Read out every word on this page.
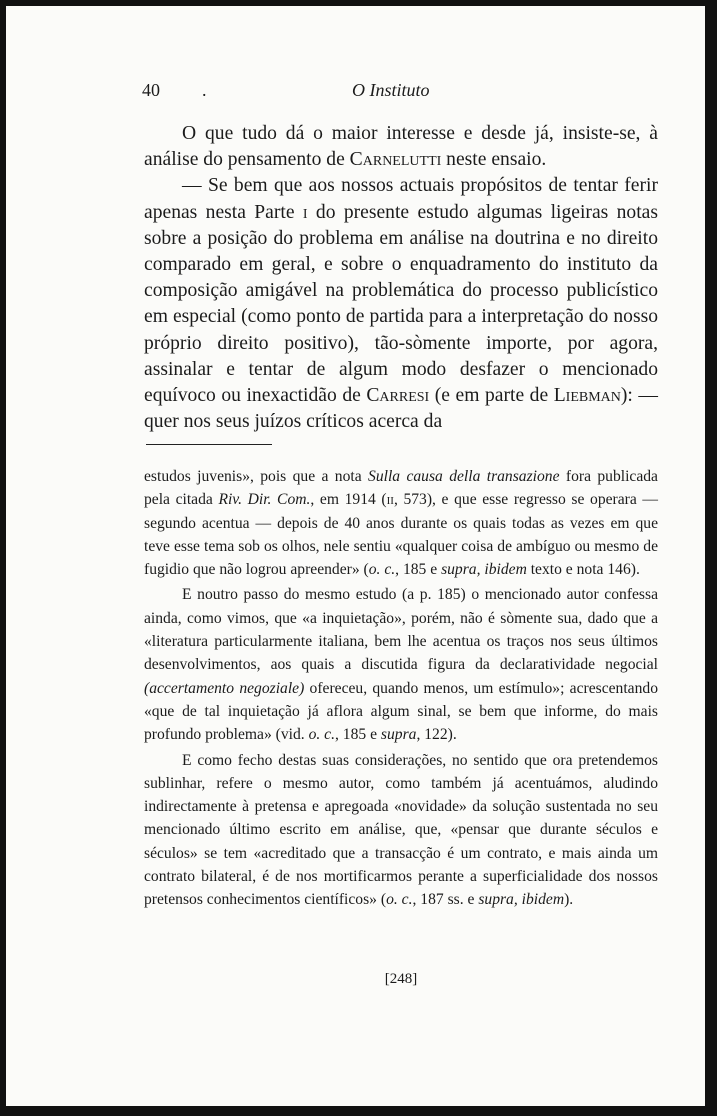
40 .	O Instituto

O que tudo dá o maior interesse e desde já, insiste-se, à análise do pensamento de Carnelutti neste ensaio.

— Se bem que aos nossos actuais propósitos de tentar ferir apenas nesta Parte i do presente estudo algumas ligeiras notas sobre a posição do problema em análise na doutrina e no direito comparado em geral, e sobre o enquadramento do instituto da composição amigável na problemática do processo publicístico em especial (como ponto de partida para a interpretação do nosso próprio direito positivo), tão-sòmente importe, por agora, assinalar e tentar de algum modo desfazer o mencionado equívoco ou inexactidão de Carresi (e em parte de Liebman): — quer nos seus juízos críticos acerca da

estudos juvenis», pois que a nota Sulla causa della transazione fora publicada pela citada Riv. Dir. Com., em 1914 (ii, 573), e que esse regresso se operara — segundo acentua — depois de 40 anos durante os quais todas as vezes em que teve esse tema sob os olhos, nele sentiu «qualquer coisa de ambíguo ou mesmo de fugidio que não logrou apreender» (o. c., 185 e supra, ibidem texto e nota 146).

E noutro passo do mesmo estudo (a p. 185) o mencionado autor confessa ainda, como vimos, que «a inquietação», porém, não é sòmente sua, dado que a «literatura particularmente italiana, bem lhe acentua os traços nos seus últimos desenvolvimentos, aos quais a discutida figura da declaratividade negocial (accertamento negoziale) ofereceu, quando menos, um estímulo»; acrescentando «que de tal inquietação já aflora algum sinal, se bem que informe, do mais profundo problema» (vid. o. c., 185 e supra, 122).

E como fecho destas suas considerações, no sentido que ora pretendemos sublinhar, refere o mesmo autor, como também já acentuámos, aludindo indirectamente à pretensa e apregoada «novidade» da solução sustentada no seu mencionado último escrito em análise, que, «pensar que durante séculos e séculos» se tem «acreditado que a transacção é um contrato, e mais ainda um contrato bilateral, é de nos mortificarmos perante a superficialidade dos nossos pretensos conhecimentos científicos» (o. c., 187 ss. e supra, ibidem).

[248]
